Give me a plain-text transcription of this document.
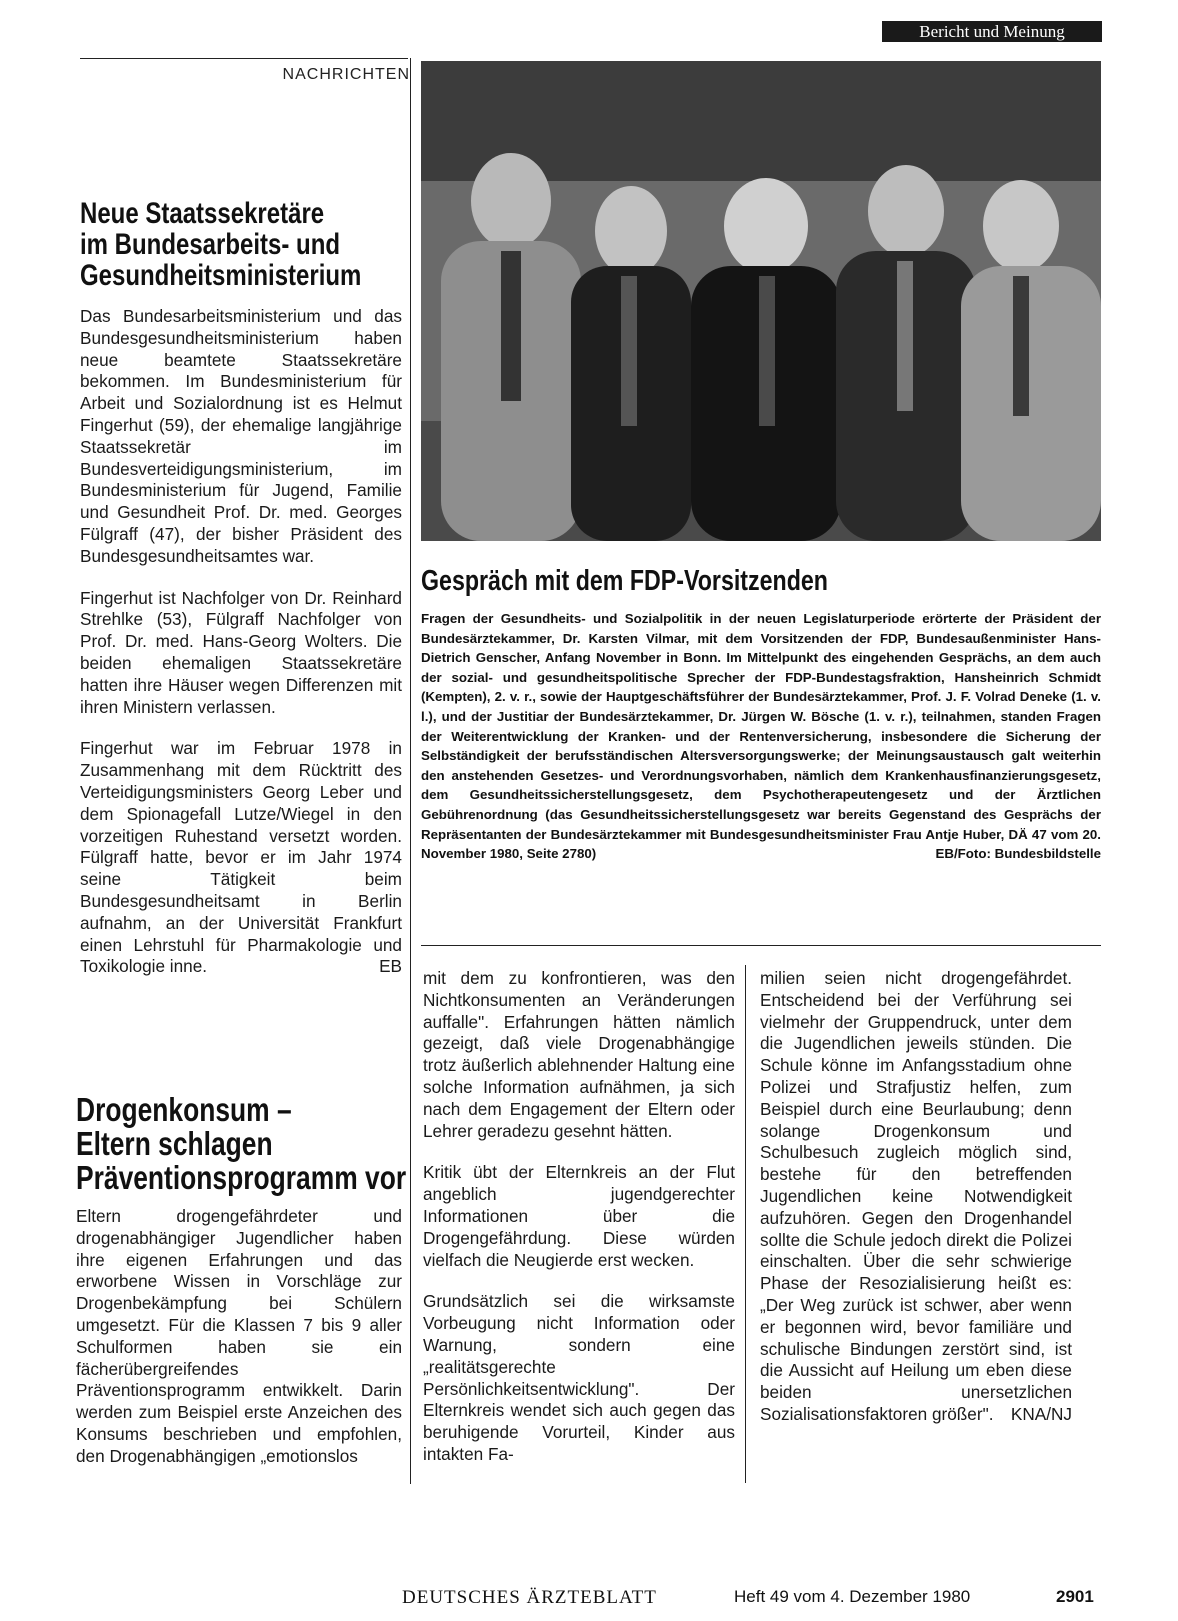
Bericht und Meinung
NACHRICHTEN
Neue Staatssekretäre
im Bundesarbeits- und
Gesundheitsministerium

Das Bundesarbeitsministerium und das Bundesgesundheitsministerium haben neue beamtete Staatssekretäre bekommen. Im Bundesministerium für Arbeit und Sozialordnung ist es Helmut Fingerhut (59), der ehemalige langjährige Staatssekretär im Bundesverteidigungsministerium, im Bundesministerium für Jugend, Familie und Gesundheit Prof. Dr. med. Georges Fülgraff (47), der bisher Präsident des Bundesgesundheitsamtes war.

Fingerhut ist Nachfolger von Dr. Reinhard Strehlke (53), Fülgraff Nachfolger von Prof. Dr. med. Hans-Georg Wolters. Die beiden ehemaligen Staatssekretäre hatten ihre Häuser wegen Differenzen mit ihren Ministern verlassen.

Fingerhut war im Februar 1978 in Zusammenhang mit dem Rücktritt des Verteidigungsministers Georg Leber und dem Spionagefall Lutze/Wiegel in den vorzeitigen Ruhestand versetzt worden. Fülgraff hatte, bevor er im Jahr 1974 seine Tätigkeit beim Bundesgesundheitsamt in Berlin aufnahm, an der Universität Frankfurt einen Lehrstuhl für Pharmakologie und Toxikologie inne.	EB

Drogenkonsum –
Eltern schlagen
Präventionsprogramm vor

Eltern drogengefährdeter und drogenabhängiger Jugendlicher haben ihre eigenen Erfahrungen und das erworbene Wissen in Vorschläge zur Drogenbekämpfung bei Schülern umgesetzt. Für die Klassen 7 bis 9 aller Schulformen haben sie ein fächerübergreifendes Präventionsprogramm entwikkelt. Darin werden zum Beispiel erste Anzeichen des Konsums beschrieben und empfohlen, den Drogenabhängigen „emotionslos

mit dem zu konfrontieren, was den Nichtkonsumenten an Veränderungen auffalle". Erfahrungen hätten nämlich gezeigt, daß viele Drogenabhängige trotz äußerlich ablehnender Haltung eine solche Information aufnähmen, ja sich nach dem Engagement der Eltern oder Lehrer geradezu gesehnt hätten.

Kritik übt der Elternkreis an der Flut angeblich jugendgerechter Informationen über die Drogengefährdung. Diese würden vielfach die Neugierde erst wecken.

Grundsätzlich sei die wirksamste Vorbeugung nicht Information oder Warnung, sondern eine „realitätsgerechte Persönlichkeitsentwicklung". Der Elternkreis wendet sich auch gegen das beruhigende Vorurteil, Kinder aus intakten Fa-

milien seien nicht drogengefährdet. Entscheidend bei der Verführung sei vielmehr der Gruppendruck, unter dem die Jugendlichen jeweils stünden. Die Schule könne im Anfangsstadium ohne Polizei und Strafjustiz helfen, zum Beispiel durch eine Beurlaubung; denn solange Drogenkonsum und Schulbesuch zugleich möglich sind, bestehe für den betreffenden Jugendlichen keine Notwendigkeit aufzuhören. Gegen den Drogenhandel sollte die Schule jedoch direkt die Polizei einschalten. Über die sehr schwierige Phase der Resozialisierung heißt es: „Der Weg zurück ist schwer, aber wenn er begonnen wird, bevor familiäre und schulische Bindungen zerstört sind, ist die Aussicht auf Heilung um eben diese beiden unersetzlichen Sozialisationsfaktoren größer". KNA/NJ

Gespräch mit dem FDP-Vorsitzenden
Fragen der Gesundheits- und Sozialpolitik in der neuen Legislaturperiode erörterte der Präsident der Bundesärztekammer, Dr. Karsten Vilmar, mit dem Vorsitzenden der FDP, Bundesaußenminister Hans-Dietrich Genscher, Anfang November in Bonn. Im Mittelpunkt des eingehenden Gesprächs, an dem auch der sozial- und gesundheitspolitische Sprecher der FDP-Bundestagsfraktion, Hansheinrich Schmidt (Kempten), 2. v. r., sowie der Hauptgeschäftsführer der Bundesärztekammer, Prof. J. F. Volrad Deneke (1. v. l.), und der Justitiar der Bundesärztekammer, Dr. Jürgen W. Bösche (1. v. r.), teilnahmen, standen Fragen der Weiterentwicklung der Kranken- und der Rentenversicherung, insbesondere die Sicherung der Selbständigkeit der berufsständischen Altersversorgungswerke; der Meinungsaustausch galt weiterhin den anstehenden Gesetzes- und Verordnungsvorhaben, nämlich dem Krankenhausfinanzierungsgesetz, dem Gesundheitssicherstellungsgesetz, dem Psychotherapeutengesetz und der Ärztlichen Gebührenordnung (das Gesundheitssicherstellungsgesetz war bereits Gegenstand des Gesprächs der Repräsentanten der Bundesärztekammer mit Bundesgesundheitsminister Frau Antje Huber, DÄ 47 vom 20. November 1980, Seite 2780)	EB/Foto: Bundesbildstelle
DEUTSCHES ÄRZTEBLATT	Heft 49 vom 4. Dezember 1980	2901
